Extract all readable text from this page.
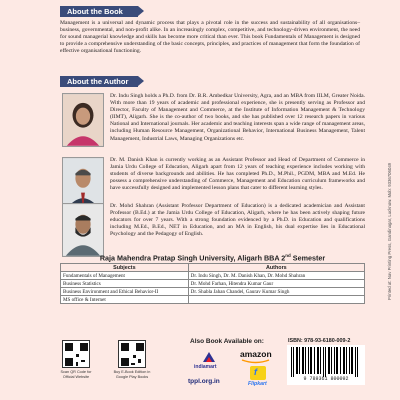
About the Book
Management is a universal and dynamic process that plays a pivotal role in the success and sustainability of all organisations–business, governmental, and non-profit alike. In an increasingly complex, competitive, and technology-driven environment, the need for sound managerial knowledge and skills has become more critical than ever. This book Fundamentals of Management is designed to provide a comprehensive understanding of the basic concepts, principles, and practices of management that form the foundation of effective organisational functioning.
About the Author
Dr. Indu Singh holds a Ph.D. from Dr. B.R. Ambedkar University, Agra, and an MBA from IILM, Greater Noida. With more than 19 years of academic and professional experience, she is presently serving as Professor and Director, Faculty of Management and Commerce, at the Institute of Information Management & Technology (IIMT), Aligarh. She is the co-author of two books, and she has published over 12 research papers in various National and International journals. Her academic and teaching interests span a wide range of management areas, including Human Resource Management, Organizational Behavior, International Business Management, Talent Management, Industrial Laws, Managing Organizations etc.
Dr. M. Danish Khan is currently working as an Assistant Professor and Head of Department of Commerce in Jamia Urdu College of Education, Aligarh apart from 12 years of teaching experience includes working with students of diverse backgrounds and abilities. He has completed Ph.D., M.Phil., PGDM, MBA and M.Ed. He possess a comprehensive understanding of Commerce, Management and Education curriculum frameworks and have successfully designed and implemented lesson plans that cater to different learning styles.
Dr. Mohd Shahran (Assistant Professor Department of Education) is a dedicated academician and Assistant Professor (B.Ed.) at the Jamia Urdu College of Education, Aligarh, where he has been actively shaping future educators for over 7 years. With a strong foundation evidenced by a Ph.D. in Education and qualifications including M.Ed., B.Ed., NET in Education, and an MA in English, his dual expertise lies in Educational Psychology and the Pedagogy of English.
Raja Mahendra Pratap Singh University, Aligarh BBA 2nd Semester
Subjects	Authors
Fundamentals of Management	Dr. Indu Singh, Dr. M. Danish Khan, Dr. Mohd Shahran
Business Statistics	Dr. Mohd Farhan, Hitendra Kumar Gaur
Business Environment and Ethical Behavior-II	Dr. Shabla Jahan Chandel, Gaurav Kumar Singh
MS office & Internet		Printed at: Nav Printing Press, Gandinagar, Lucknow. Mob: 9336706049
Scan QR Code for Official Website
Buy E-Book Edition in Google Play Books
Also Book Available on:
indiamart
tppl.org.in
amazon
f
Flipkart
ISBN: 978-93-6180-009-2
9 789361 800092
